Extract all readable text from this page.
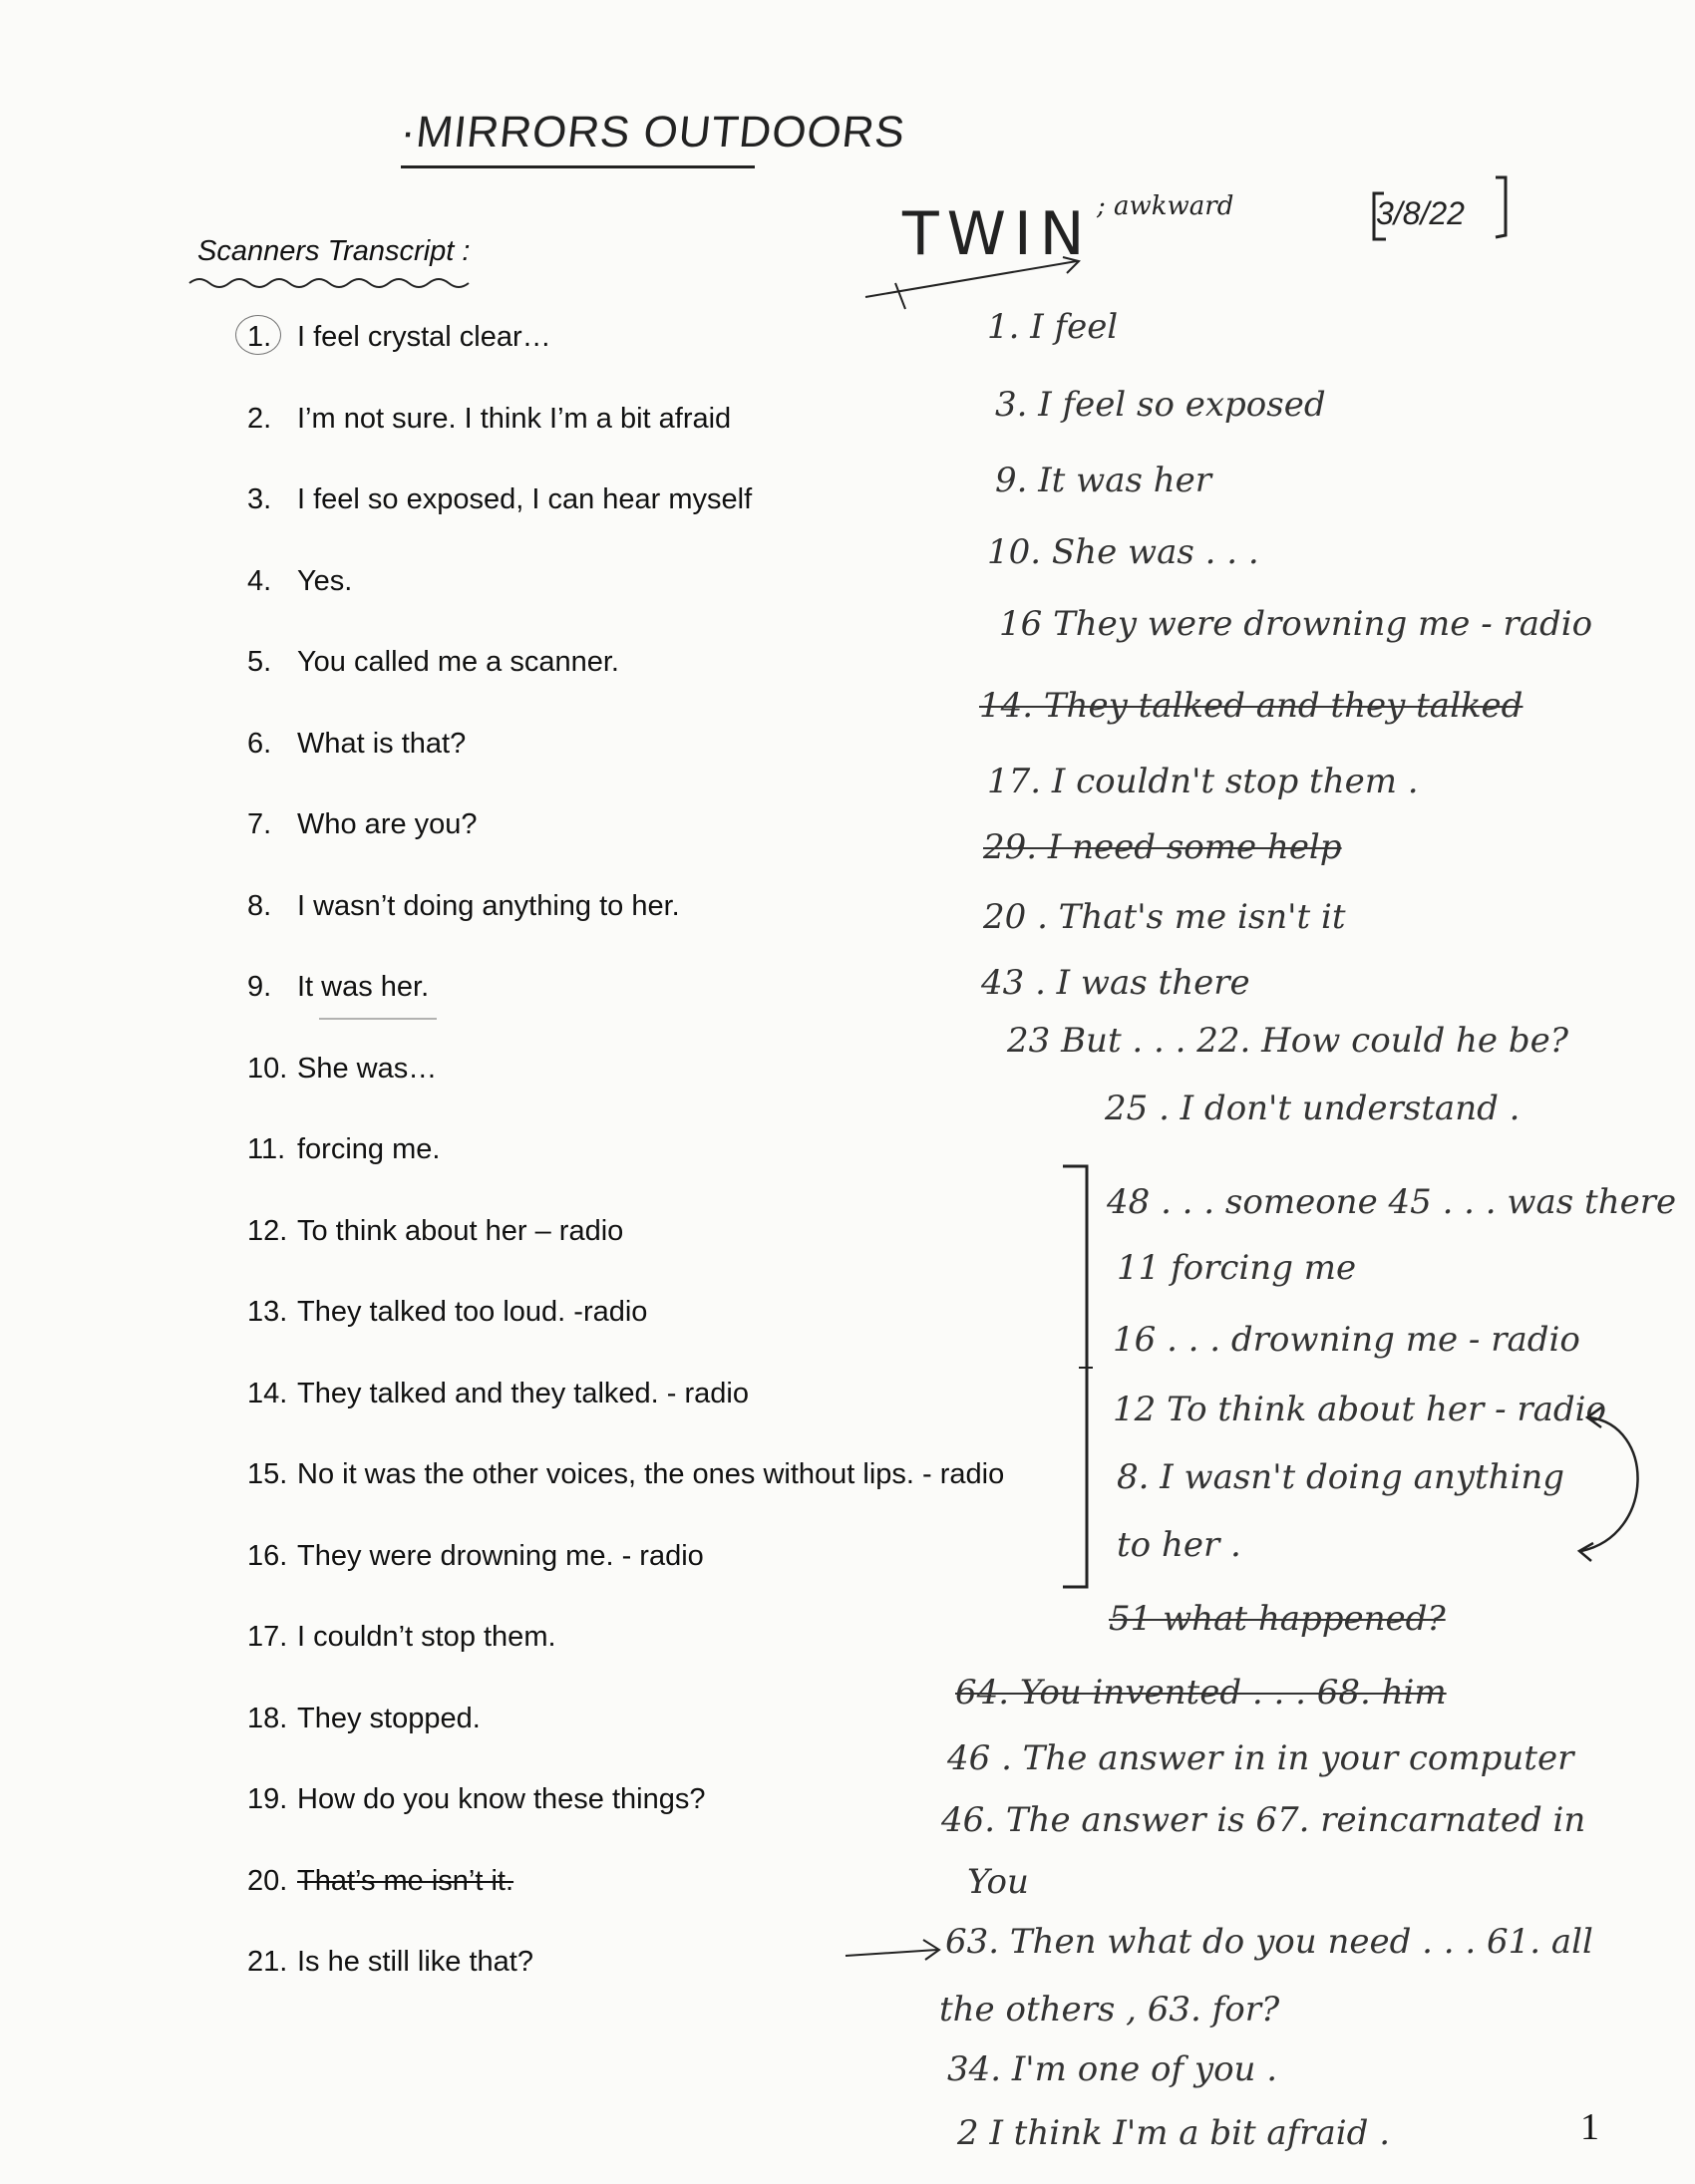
·MIRRORS OUTDOORS
Scanners Transcript :
1. I feel crystal clear…
2. I’m not sure. I think I’m a bit afraid
3. I feel so exposed, I can hear myself
4. Yes.
5. You called me a scanner.
6. What is that?
7. Who are you?
8. I wasn’t doing anything to her.
9. It was her.
10. She was…
11. forcing me.
12. To think about her – radio
13. They talked too loud. -radio
14. They talked and they talked. - radio
15. No it was the other voices, the ones without lips. - radio
16. They were drowning me. - radio
17. I couldn’t stop them.
18. They stopped.
19. How do you know these things?
20. That’s me isn’t it.
21. Is he still like that?
TWIN ; awkward	3/8/22
1. I feel
3. I feel so exposed
9. It was her
10. She was . . .
16 They were drowning me - radio
14. They talked and they talked
17. I couldn't stop them .
29. I need some help
20 . That's me isn't it
43 . I was there
23 But . . . 22. How could he be?
25 . I don't understand .
48 . . . someone 45 . . . was there
11 forcing me
16 . . . drowning me - radio
12 To think about her - radio
8. I wasn't doing anything
to her .
51 what happened?
64. You invented . . . 68. him
46 . The answer in in your computer
46. The answer is 67. reincarnated in
You
63. Then what do you need . . . 61. all
the others , 63. for?
34. I'm one of you .
2 I think I'm a bit afraid .	1
